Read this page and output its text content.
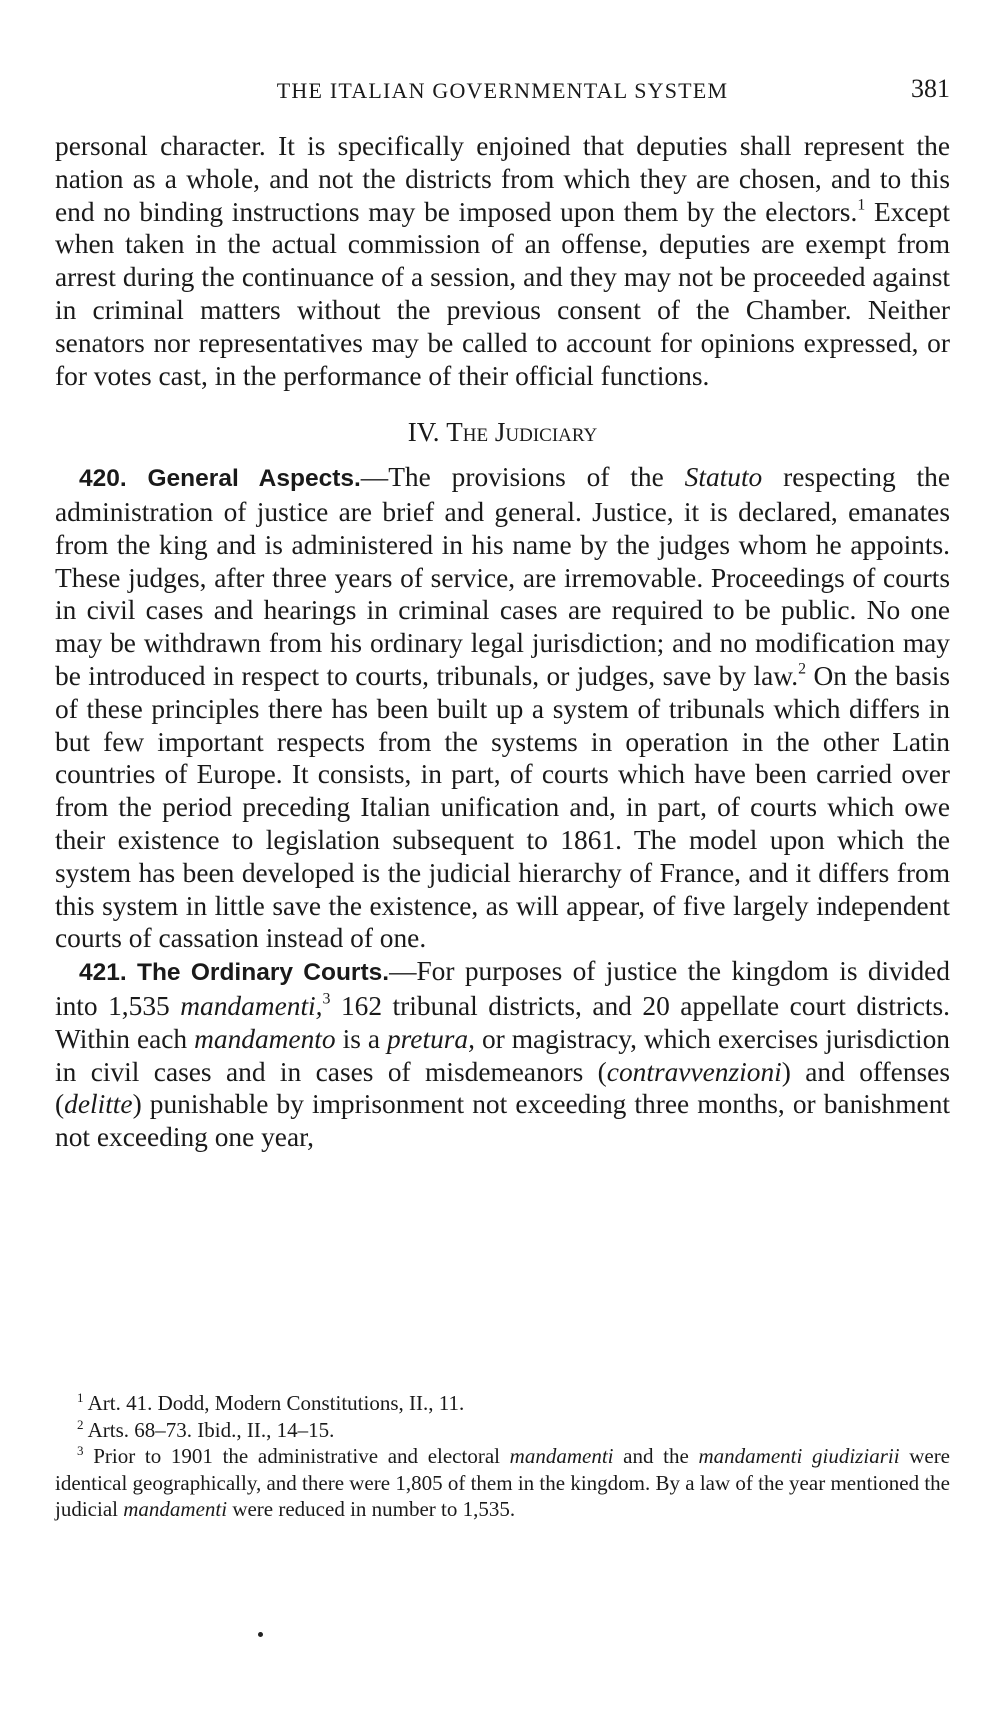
THE ITALIAN GOVERNMENTAL SYSTEM	381

personal character. It is specifically enjoined that deputies shall represent the nation as a whole, and not the districts from which they are chosen, and to this end no binding instructions may be imposed upon them by the electors.$^1$ Except when taken in the actual commission of an offense, deputies are exempt from arrest during the continuance of a session, and they may not be proceeded against in criminal matters without the previous consent of the Chamber. Neither senators nor representatives may be called to account for opinions expressed, or for votes cast, in the performance of their official functions.

IV. The Judiciary

420. General Aspects.—The provisions of the Statuto respecting the administration of justice are brief and general. Justice, it is declared, emanates from the king and is administered in his name by the judges whom he appoints. These judges, after three years of service, are irremovable. Proceedings of courts in civil cases and hearings in criminal cases are required to be public. No one may be withdrawn from his ordinary legal jurisdiction; and no modification may be introduced in respect to courts, tribunals, or judges, save by law.$^2$ On the basis of these principles there has been built up a system of tribunals which differs in but few important respects from the systems in operation in the other Latin countries of Europe. It consists, in part, of courts which have been carried over from the period preceding Italian unification and, in part, of courts which owe their existence to legislation subsequent to 1861. The model upon which the system has been developed is the judicial hierarchy of France, and it differs from this system in little save the existence, as will appear, of five largely independent courts of cassation instead of one.

421. The Ordinary Courts.—For purposes of justice the kingdom is divided into 1,535 mandamenti,$^3$ 162 tribunal districts, and 20 appellate court districts. Within each mandamento is a pretura, or magistracy, which exercises jurisdiction in civil cases and in cases of misdemeanors (contravvenzioni) and offenses (delitte) punishable by imprisonment not exceeding three months, or banishment not exceeding one year,

$^1$ Art. 41. Dodd, Modern Constitutions, II., 11.

$^2$ Arts. 68–73. Ibid., II., 14–15.

$^3$ Prior to 1901 the administrative and electoral mandamenti and the mandamenti giudiziarii were identical geographically, and there were 1,805 of them in the kingdom. By a law of the year mentioned the judicial mandamenti were reduced in number to 1,535.
